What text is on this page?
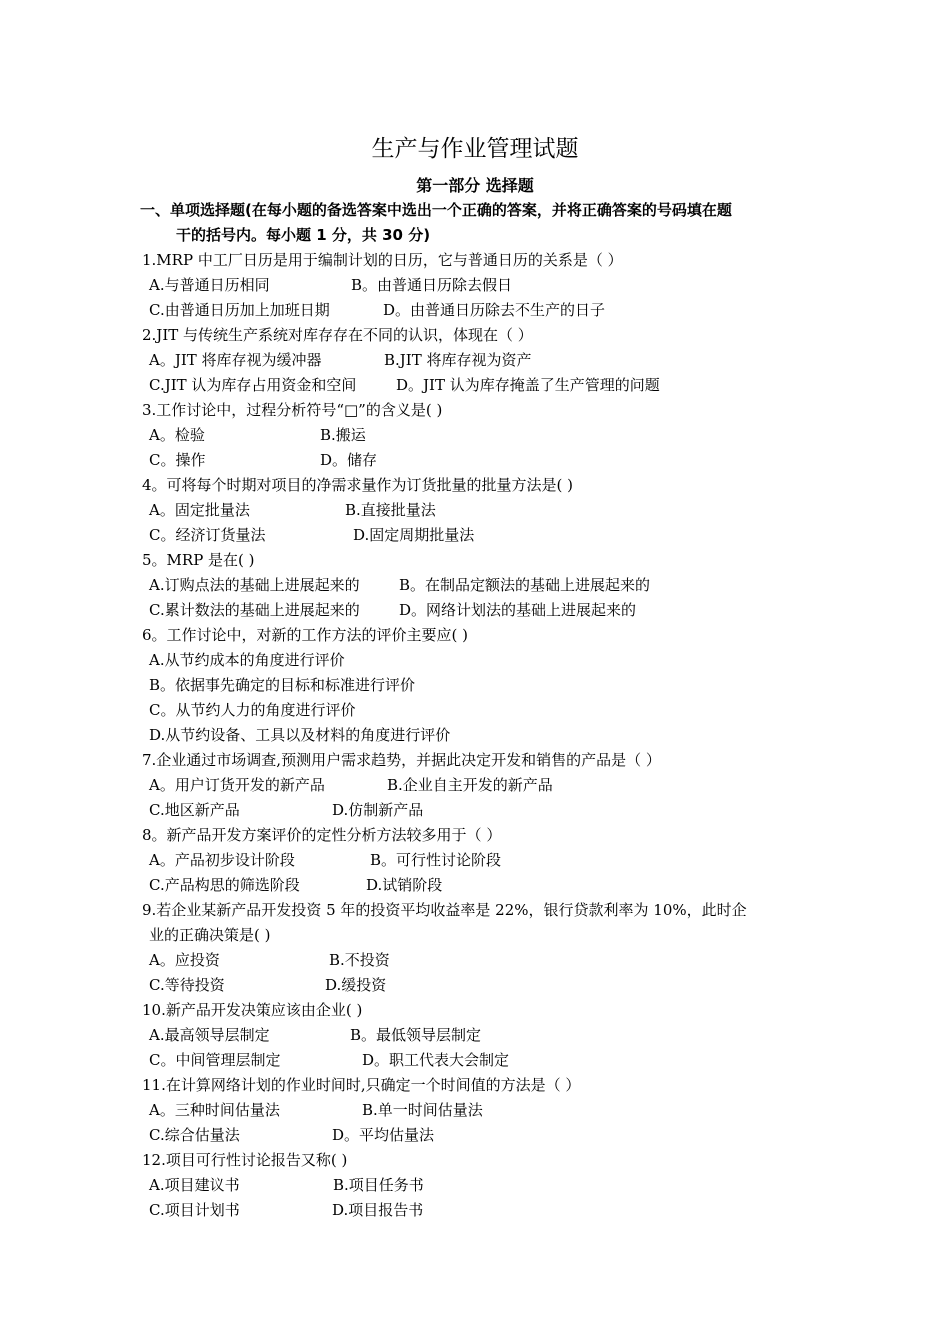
生产与作业管理试题
第一部分 选择题
一、单项选择题(在每小题的备选答案中选出一个正确的答案，并将正确答案的号码填在题
干的括号内。每小题 1 分，共 30 分)
1.MRP 中工厂日历是用于编制计划的日历，它与普通日历的关系是（ ）
A.与普通日历相同	B。由普通日历除去假日
C.由普通日历加上加班日期	D。由普通日历除去不生产的日子
2.JIT 与传统生产系统对库存存在不同的认识，体现在（ ）
A。JIT 将库存视为缓冲器	B.JIT 将库存视为资产
C.JIT 认为库存占用资金和空间	D。JIT 认为库存掩盖了生产管理的问题
3.工作讨论中，过程分析符号“□”的含义是( )
A。检验	B.搬运
C。操作	D。储存
4。可将每个时期对项目的净需求量作为订货批量的批量方法是( )
A。固定批量法	B.直接批量法
C。经济订货量法	D.固定周期批量法
5。MRP 是在( )
A.订购点法的基础上进展起来的	B。在制品定额法的基础上进展起来的
C.累计数法的基础上进展起来的	D。网络计划法的基础上进展起来的
6。工作讨论中，对新的工作方法的评价主要应( )
A.从节约成本的角度进行评价
B。依据事先确定的目标和标准进行评价
C。从节约人力的角度进行评价
D.从节约设备、工具以及材料的角度进行评价
7.企业通过市场调查,预测用户需求趋势，并据此决定开发和销售的产品是（ ）
A。用户订货开发的新产品	B.企业自主开发的新产品
C.地区新产品	D.仿制新产品
8。新产品开发方案评价的定性分析方法较多用于（ ）
A。产品初步设计阶段	B。可行性讨论阶段
C.产品构思的筛选阶段	D.试销阶段
9.若企业某新产品开发投资 5 年的投资平均收益率是 22%，银行贷款利率为 10%，此时企
业的正确决策是( )
A。应投资	B.不投资
C.等待投资	D.缓投资
10.新产品开发决策应该由企业( )
A.最高领导层制定	B。最低领导层制定
C。中间管理层制定	D。职工代表大会制定
11.在计算网络计划的作业时间时,只确定一个时间值的方法是（ ）
A。三种时间估量法	B.单一时间估量法
C.综合估量法	D。平均估量法
12.项目可行性讨论报告又称( )
A.项目建议书	B.项目任务书
C.项目计划书	D.项目报告书
